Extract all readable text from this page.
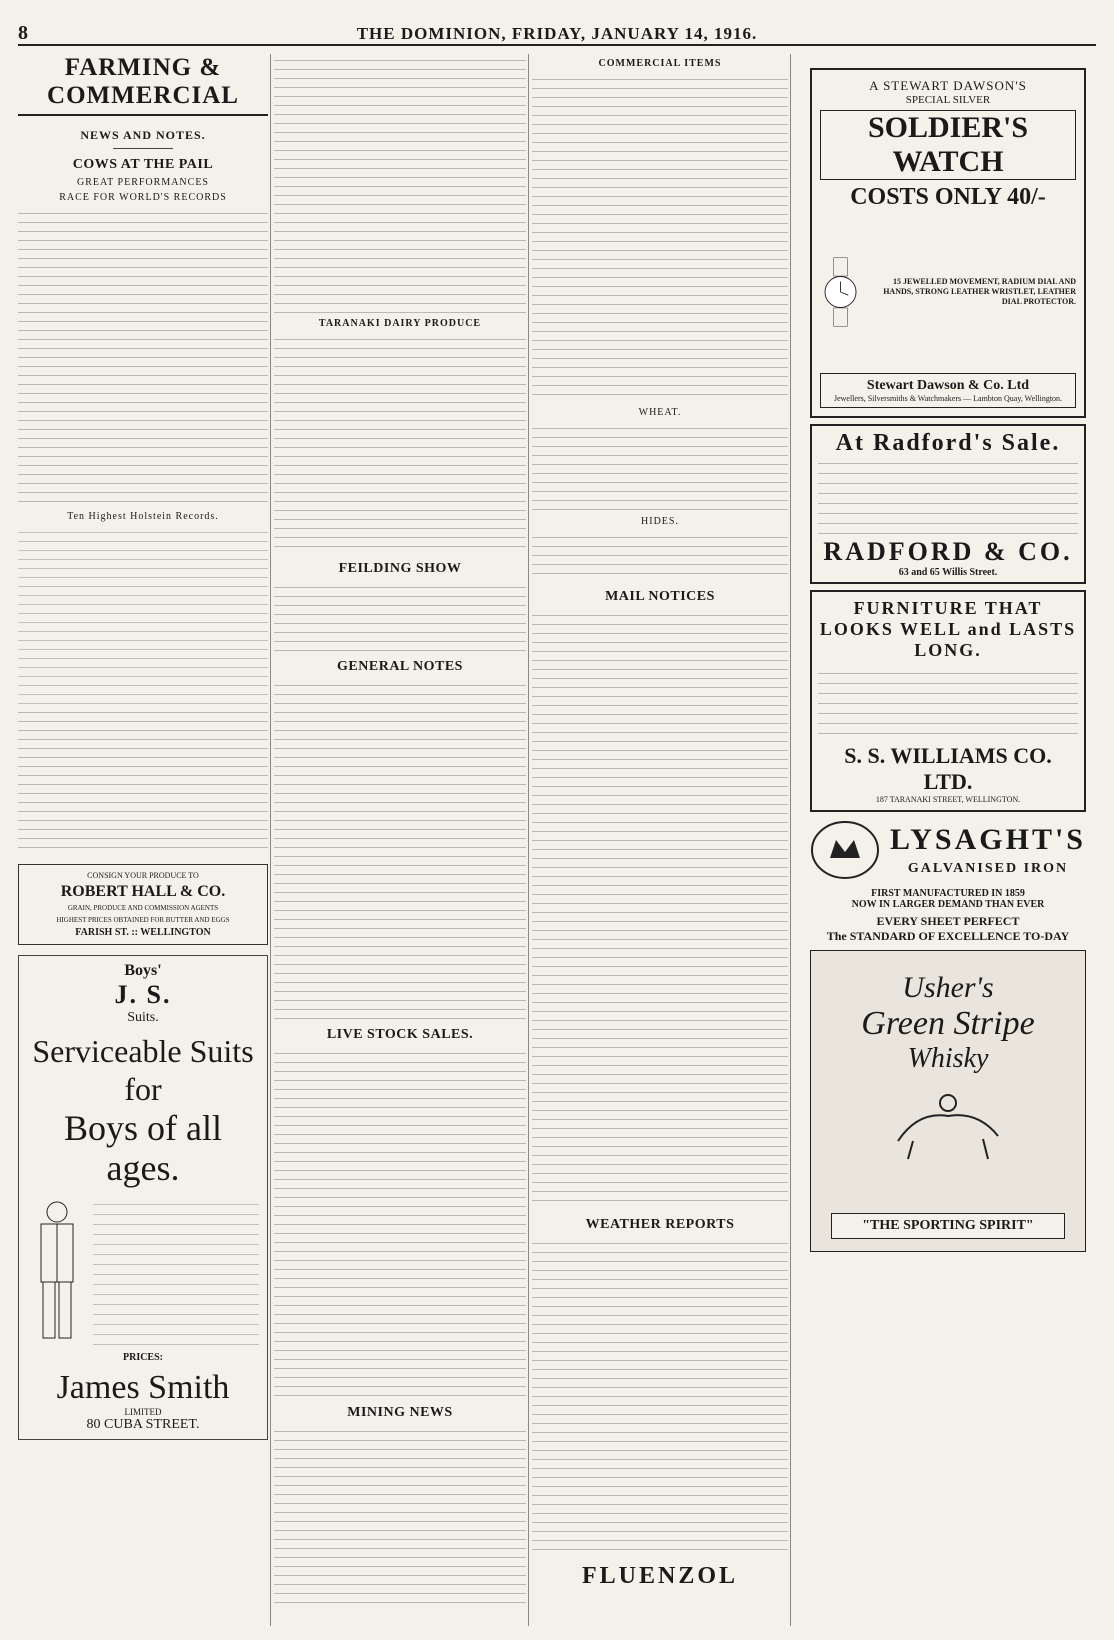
8	THE DOMINION, FRIDAY, JANUARY 14, 1916.
FARMING & COMMERCIAL
NEWS AND NOTES.
COWS AT THE PAIL
GREAT PERFORMANCES
RACE FOR WORLD'S RECORDS
Ten Highest Holstein Records.
CONSIGN YOUR PRODUCE TO
ROBERT HALL & CO.
GRAIN, PRODUCE AND COMMISSION AGENTS
HIGHEST PRICES OBTAINED FOR BUTTER AND EGGS
FARISH ST. :: WELLINGTON
Boys'
J. S.
Suits.
Serviceable Suits for
Boys of all ages.
PRICES:
James Smith
LIMITED
80 CUBA STREET.
TARANAKI DAIRY PRODUCE
FEILDING SHOW
GENERAL NOTES
LIVE STOCK SALES.
MINING NEWS
COMMERCIAL ITEMS
WHEAT.
HIDES.
MAIL NOTICES
WEATHER REPORTS
FLUENZOL
A STEWART DAWSON'S
SPECIAL SILVER
SOLDIER'S WATCH
COSTS ONLY 40/-
15 JEWELLED MOVEMENT, RADIUM DIAL AND HANDS, STRONG LEATHER WRISTLET, LEATHER DIAL PROTECTOR.
Stewart Dawson & Co. Ltd
Jewellers, Silversmiths & Watchmakers — Lambton Quay, Wellington.
At Radford's Sale.
RADFORD & CO.
63 and 65 Willis Street.
FURNITURE THAT LOOKS WELL and LASTS LONG.
S. S. WILLIAMS CO. LTD.
187 TARANAKI STREET, WELLINGTON.
LYSAGHT'S
GALVANISED IRON
FIRST MANUFACTURED IN 1859
NOW IN LARGER DEMAND THAN EVER
EVERY SHEET PERFECT
The STANDARD OF EXCELLENCE TO-DAY
Usher's
Green Stripe
Whisky
"THE SPORTING SPIRIT"
